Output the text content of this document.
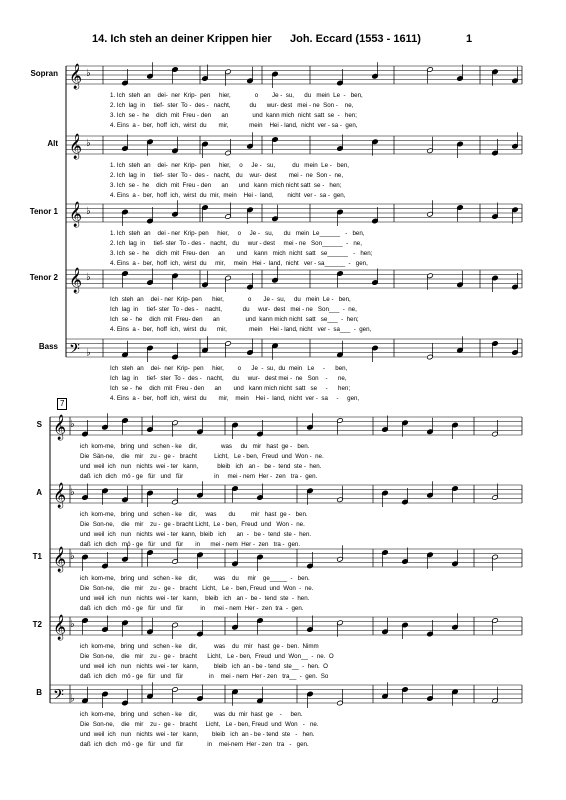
14. Ich steh an deiner Krippen hier Joh. Eccard (1553 - 1611)	1
7
𝄞 ♭
𝄞 ♭
𝄞 ♭
𝄞 ♭
𝄢 ♭
𝄞 ♭
𝄞 ♭
𝄞 ♭
𝄞 ♭
𝄢 ♭
Sopran
Alt
Tenor 1
Tenor 2
Bass
S
A
T1
T2
B
1. Ich  steh  an    dei-  ner  Krip-  pen     hier,              o        Je -  su,      du   mein  Le  -   ben,
2. Ich  lag  in     tief-  ster  To -  des -   nacht,           du      wur- dest   mei - ne  Son -    ne,
3. Ich  se -  he    dich  mit  Freu - den      an              und  kann mich  nicht  satt  se  -   hen;
4. Eins  a -  ber,  hoff  ich,  wirst  du       mir,            mein    Hei - land,  nicht  ver - sa -  gen,
1. Ich  steh  an    dei-  ner  Krip-  pen     hier,     o     Je -   su,          du   mein  Le -   ben,
2. Ich  lag  in     tief-  ster  To -  des -   nacht,   du    wur-  dest       mei -  ne  Son -  ne,
3. Ich  se -  he    dich  mit  Freu - den      an      und   kann  mich nicht satt  se -   hen;
4. Eins  a -  ber,  hoff  ich,  wirst  du  mir,  mein    Hei -  land,        nicht  ver -  sa -  gen,
1. Ich  steh  an    dei - ner  Krip- pen     hier,     o     Je -   su,      du   mein  Le______   -   ben,
2. Ich  lag  in     tief- ster  To - des -   nacht,   du     wur - dest     mei - ne   Son______  -   ne,
3. Ich  se -  he    dich  mit  Freu- den     an       und    kann   mich  nicht  satt   se______   -   hen;
4. Eins  a -  ber,  hoff  ich,  wirst  du     mir,     mein   Hei -  land,  nicht   ver - sa______  -   gen,
Ich  steh  an    dei - ner  Krip- pen      hier,              o       Je -  su,     du   mein  Le -   ben,
Ich  lag  in     tief- ster  To - des -    nacht,            du     wur-  dest   mei - ne   Son___  -  ne,
Ich  se -  he    dich  mit  Freu- den      an               und  kann mich nicht  satt   se___  -  hen;
4. Eins  a -  ber,  hoff  ich,  wirst  du      mir,             mein    Hei - land, nicht   ver -  sa___  -  gen,
Ich  steh  an    dei-  ner  Krip-  pen     hier,        o      Je  -  su,  du  mein   Le     -      ben,
Ich  lag  in     tief-  ster  To -  des -   nacht,     du     wur-   dest mei -  ne   Son    -      ne,
Ich  se -  he    dich  mit  Freu - den      an       und   kann mich nicht  satt   se     -      hen;
4. Eins  a -  ber,  hoff  ich,  wirst  du       mir,    mein    Hei -  land,  nicht  ver -  sa     -     gen,
ich  kom-me,   bring  und   schen - ke    dir,              was     du   mir   hast  ge -   ben.
Die  Sän-ne,    die   mir    zu -  ge -   bracht          Licht,   Le - ben,  Freud  und  Won -  ne.
und  weil  ich   nun   nichts  wei - ter   kann,           bleib   ich   an -   be -  tend  ste -  hen.
daß  ich  dich   mö - ge   für   und   für                  in     mei - nem  Her -  zen   tra -  gen.
ich  kom-me,   bring  und   schen - ke    dir,     was       du         mir   hast  ge -   ben.
Die  Son-ne,    die   mir    zu -  ge - bracht Licht,  Le - ben,  Freud  und   Won -  ne.
und  weil  ich   nun   nichts  wei - ter  kann,  bleib   ich      an  -   be -  tend  ste -  hen.
daß  ich  dich   mö - ge   für   und   für       in      mei - nem  Her -  zen   tra -  gen.
ich  kom-me,   bring  und   schen - ke    dir,          was    du     mir    ge_____  -   ben.
Die  Son-ne,    die   mir    zu -  ge -   bracht   Licht,   Le -  ben, Freud  und  Won  -  ne.
und  weil  ich   nun   nichts  wei - ter   kann,    bleib   ich   an -  be -  tend  ste  -  hen.
daß  ich  dich   mö - ge   für   und   für          in     mei - nem  Her -  zen  tra  -  gen.
ich  kom-me,   bring  und   schen - ke    dir,          was    du   mir   hast  ge -  ben.  Nimm
Die  Son-ne,    die   mir    zu -  ge -   bracht      Licht,   Le - ben,  Freud  und  Won__  -  ne.  O
und  weil  ich   nun   nichts  wei - ter   kann,         bleib   ich  an - be - tend  ste__  -  hen.  O
daß  ich  dich   mö - ge   für   und   für               in    mei - nem  Her - zen   tra__  -  gen.  So
ich  kom-me,   bring  und   schen - ke    dir,          was  du  mir  hast  ge    -     ben.
Die  Son-ne,    die   mir    zu -  ge -   bracht     Licht,   Le - ben, Freud  und  Won   -   ne.
und  weil  ich   nun   nichts  wei - ter   kann,        bleib   ich  an - be - tend  ste   -   hen.
daß  ich  dich   mö - ge   für   und   für              in    mei-nem  Her - zen   tra   -   gen.
